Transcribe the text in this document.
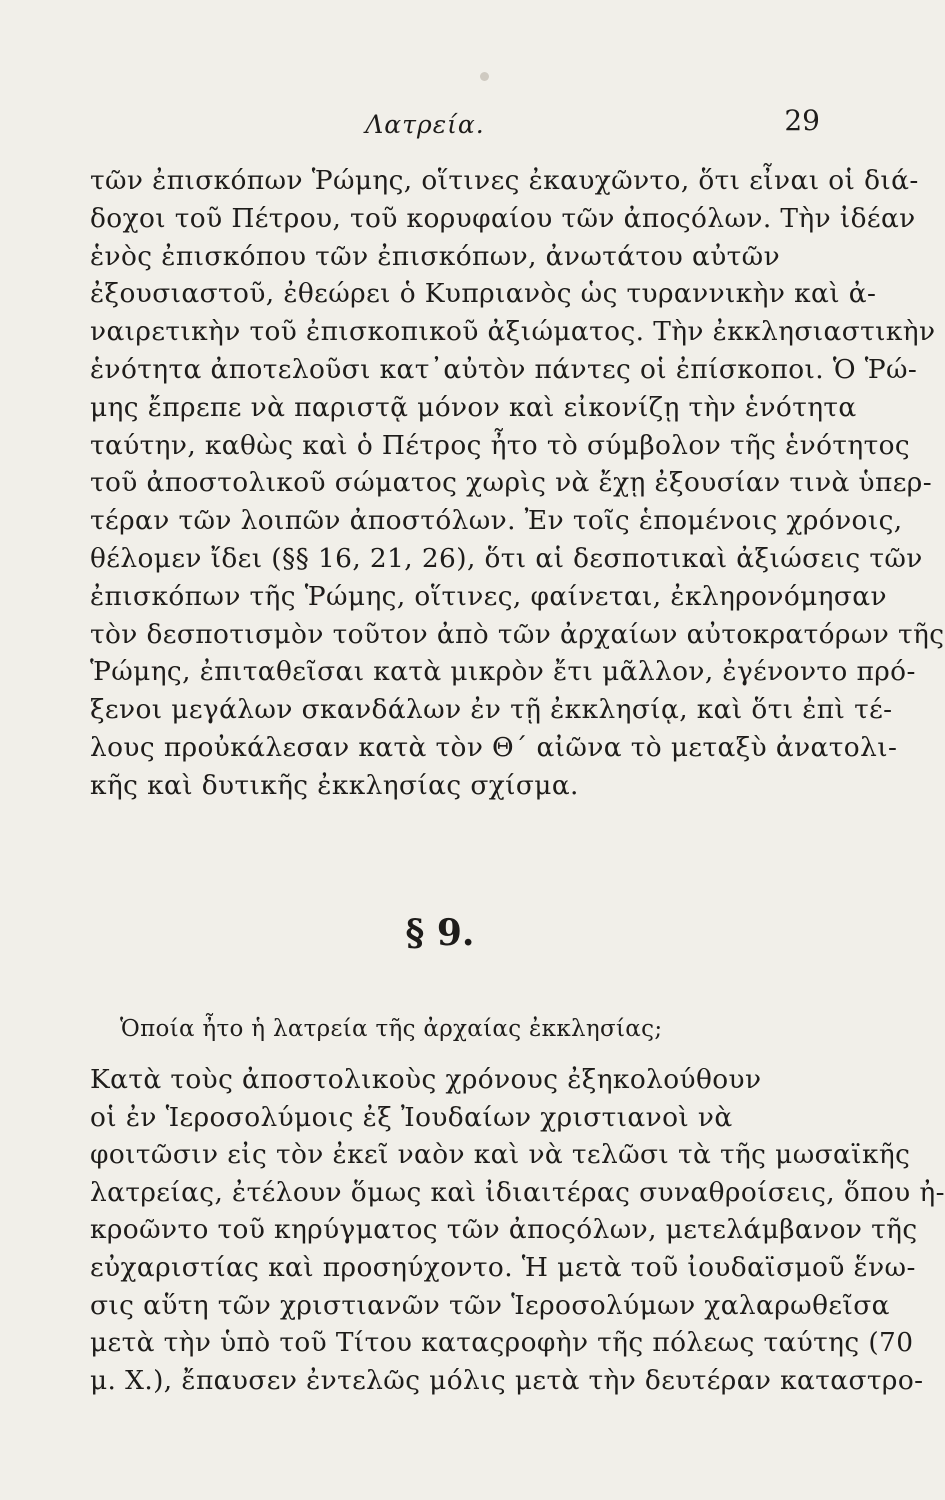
Λατρεία.	29
τῶν ἐπισκόπων Ῥώμης, οἵτινες ἐκαυχῶντο, ὅτι εἶναι οἱ διά-
δοχοι τοῦ Πέτρου, τοῦ κορυφαίου τῶν ἀποςόλων. Τὴν ἰδέαν
ἑνὸς ἐπισκόπου τῶν ἐπισκόπων, ἀνωτάτου αὐτῶν
ἐξουσιαστοῦ, ἐθεώρει ὁ Κυπριανὸς ὡς τυραννικὴν καὶ ἀ-
ναιρετικὴν τοῦ ἐπισκοπικοῦ ἀξιώματος. Τὴν ἐκκλησιαστικὴν
ἑνότητα ἀποτελοῦσι κατ᾽αὐτὸν πάντες οἱ ἐπίσκοποι. Ὁ Ῥώ-
μης ἔπρεπε νὰ παριστᾷ μόνον καὶ εἰκονίζῃ τὴν ἑνότητα
ταύτην, καθὼς καὶ ὁ Πέτρος ἦτο τὸ σύμβολον τῆς ἑνότητος
τοῦ ἀποστολικοῦ σώματος χωρὶς νὰ ἔχῃ ἐξουσίαν τινὰ ὑπερ-
τέραν τῶν λοιπῶν ἀποστόλων. Ἐν τοῖς ἑπομένοις χρόνοις,
θέλομεν ἴδει (§§ 16, 21, 26), ὅτι αἱ δεσποτικαὶ ἀξιώσεις τῶν
ἐπισκόπων τῆς Ῥώμης, οἵτινες, φαίνεται, ἐκληρονόμησαν
τὸν δεσποτισμὸν τοῦτον ἀπὸ τῶν ἀρχαίων αὐτοκρατόρων τῆς
Ῥώμης, ἐπιταθεῖσαι κατὰ μικρὸν ἔτι μᾶλλον, ἐγένοντο πρό-
ξενοι μεγάλων σκανδάλων ἐν τῇ ἐκκλησίᾳ, καὶ ὅτι ἐπὶ τέ-
λους προὐκάλεσαν κατὰ τὸν Θ΄ αἰῶνα τὸ μεταξὺ ἀνατολι-
κῆς καὶ δυτικῆς ἐκκλησίας σχίσμα.
§ 9.
Ὁποία ἦτο ἡ λατρεία τῆς ἀρχαίας ἐκκλησίας;
Κατὰ τοὺς ἀποστολικοὺς χρόνους ἐξηκολούθουν
οἱ ἐν Ἱεροσολύμοις ἐξ Ἰουδαίων χριστιανοὶ νὰ
φοιτῶσιν εἰς τὸν ἐκεῖ ναὸν καὶ νὰ τελῶσι τὰ τῆς μωσαϊκῆς
λατρείας, ἐτέλουν ὅμως καὶ ἰδιαιτέρας συναθροίσεις, ὅπου ἠ-
κροῶντο τοῦ κηρύγματος τῶν ἀποςόλων, μετελάμβανον τῆς
εὐχαριστίας καὶ προσηύχοντο. Ἡ μετὰ τοῦ ἰουδαϊσμοῦ ἕνω-
σις αὕτη τῶν χριστιανῶν τῶν Ἱεροσολύμων χαλαρωθεῖσα
μετὰ τὴν ὑπὸ τοῦ Τίτου καταςροφὴν τῆς πόλεως ταύτης (70
μ. Χ.), ἔπαυσεν ἐντελῶς μόλις μετὰ τὴν δευτέραν καταστρο-
